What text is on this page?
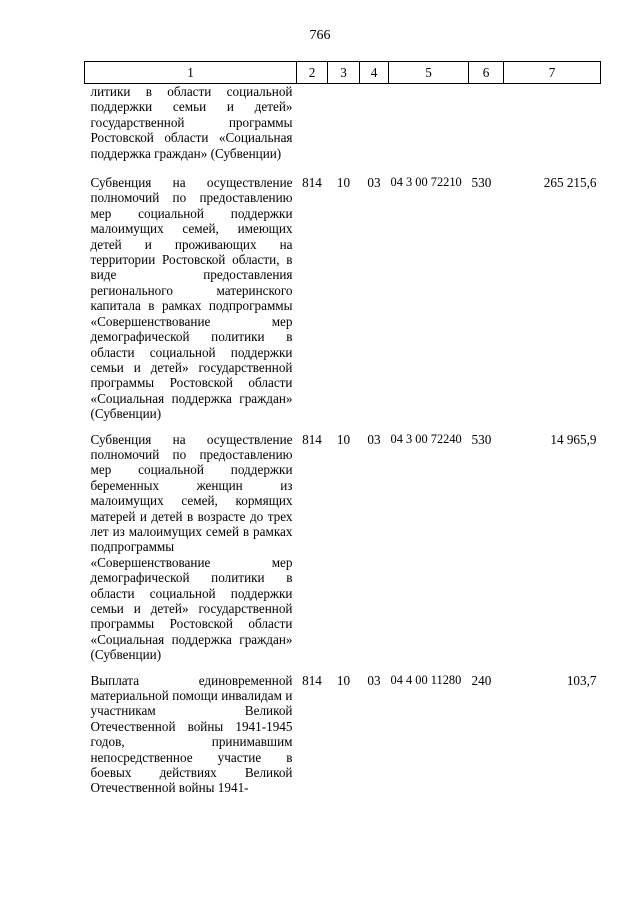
766
1	2	3	4	5	6	7
литики в области социальной поддержки семьи и детей» государственной программы Ростовской области «Социальная поддержка граждан» (Субвенции)						
Субвенция на осуществление полномочий по предоставлению мер социальной поддержки малоимущих семей, имеющих детей и проживающих на территории Ростовской области, в виде предоставления регионального материнского капитала в рамках подпрограммы «Совершенствование мер демографической политики в области социальной поддержки семьи и детей» государственной программы Ростовской области «Социальная поддержка граждан» (Субвенции)	814	10	03	04 3 00 72210	530	265 215,6
Субвенция на осуществление полномочий по предоставлению мер социальной поддержки беременных женщин из малоимущих семей, кормящих матерей и детей в возрасте до трех лет из малоимущих семей в рамках подпрограммы «Совершенствование мер демографической политики в области социальной поддержки семьи и детей» государственной программы Ростовской области «Социальная поддержка граждан» (Субвенции)	814	10	03	04 3 00 72240	530	14 965,9
Выплата единовременной материальной помощи инвалидам и участникам Великой Отечественной войны 1941-1945 годов, принимавшим непосредственное участие в боевых действиях Великой Отечественной войны 1941-	814	10	03	04 4 00 11280	240	103,7
